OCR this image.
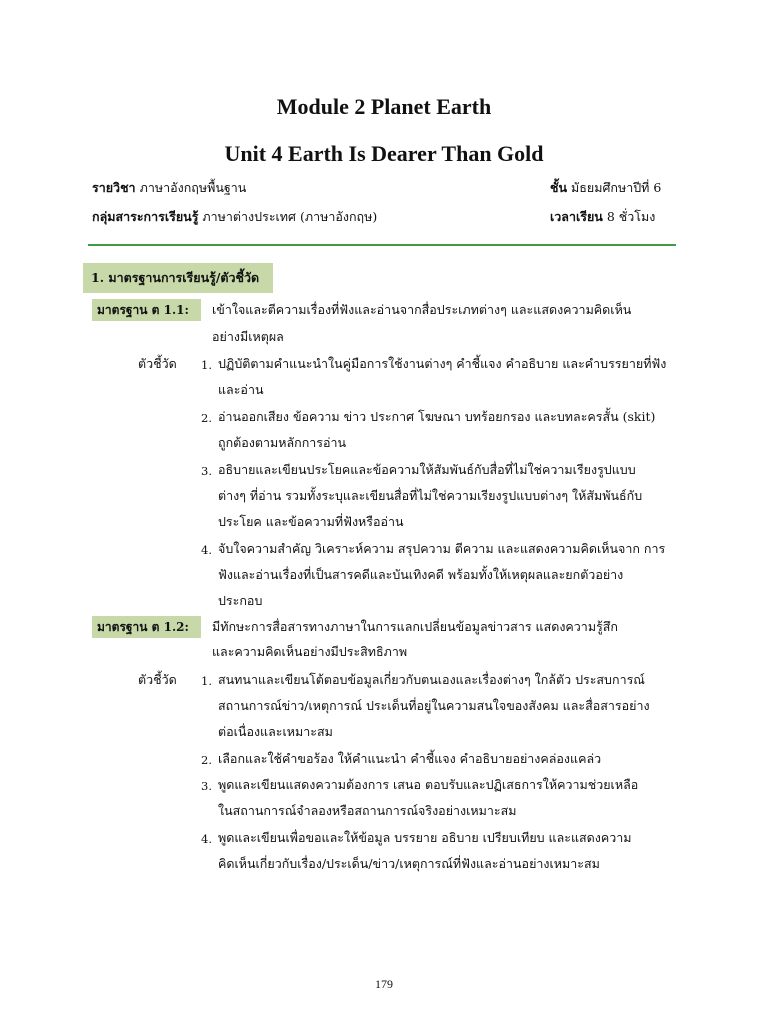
Module 2 Planet Earth
Unit 4 Earth Is Dearer Than Gold
รายวิชา ภาษาอังกฤษพื้นฐาน	ชั้น มัธยมศึกษาปีที่ 6
กลุ่มสาระการเรียนรู้ ภาษาต่างประเทศ (ภาษาอังกฤษ)	เวลาเรียน 8 ชั่วโมง
1. มาตรฐานการเรียนรู้/ตัวชี้วัด
มาตรฐาน ต 1.1:	เข้าใจและตีความเรื่องที่ฟังและอ่านจากสื่อประเภทต่างๆ และแสดงความคิดเห็น
อย่างมีเหตุผล
ตัวชี้วัด 1. ปฏิบัติตามคำแนะนำในคู่มือการใช้งานต่างๆ คำชี้แจง คำอธิบาย และคำบรรยายที่ฟัง
และอ่าน
2. อ่านออกเสียง ข้อความ ข่าว ประกาศ โฆษณา บทร้อยกรอง และบทละครสั้น (skit)
ถูกต้องตามหลักการอ่าน
3. อธิบายและเขียนประโยคและข้อความให้สัมพันธ์กับสื่อที่ไม่ใช่ความเรียงรูปแบบ
ต่างๆ ที่อ่าน รวมทั้งระบุและเขียนสื่อที่ไม่ใช่ความเรียงรูปแบบต่างๆ ให้สัมพันธ์กับ
ประโยค และข้อความที่ฟังหรืออ่าน
4. จับใจความสำคัญ วิเคราะห์ความ สรุปความ ตีความ และแสดงความคิดเห็นจาก การ
ฟังและอ่านเรื่องที่เป็นสารคดีและบันเทิงคดี พร้อมทั้งให้เหตุผลและยกตัวอย่าง
ประกอบ
มาตรฐาน ต 1.2:	มีทักษะการสื่อสารทางภาษาในการแลกเปลี่ยนข้อมูลข่าวสาร แสดงความรู้สึก
และความคิดเห็นอย่างมีประสิทธิภาพ
ตัวชี้วัด 1. สนทนาและเขียนโต้ตอบข้อมูลเกี่ยวกับตนเองและเรื่องต่างๆ ใกล้ตัว ประสบการณ์
สถานการณ์ข่าว/เหตุการณ์ ประเด็นที่อยู่ในความสนใจของสังคม และสื่อสารอย่าง
ต่อเนื่องและเหมาะสม
2. เลือกและใช้คำขอร้อง ให้คำแนะนำ คำชี้แจง คำอธิบายอย่างคล่องแคล่ว
3. พูดและเขียนแสดงความต้องการ เสนอ ตอบรับและปฏิเสธการให้ความช่วยเหลือ
ในสถานการณ์จำลองหรือสถานการณ์จริงอย่างเหมาะสม
4. พูดและเขียนเพื่อขอและให้ข้อมูล บรรยาย อธิบาย เปรียบเทียบ และแสดงความ
คิดเห็นเกี่ยวกับเรื่อง/ประเด็น/ข่าว/เหตุการณ์ที่ฟังและอ่านอย่างเหมาะสม
179
